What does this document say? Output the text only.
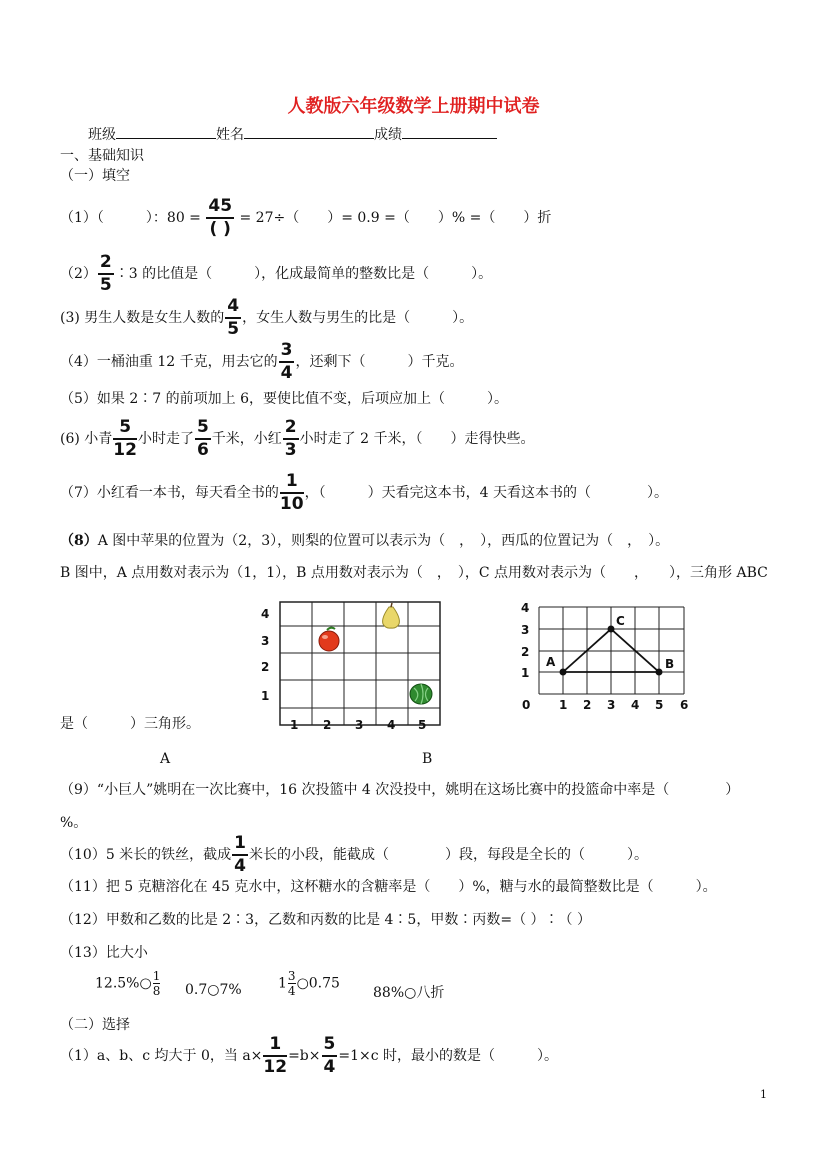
人教版六年级数学上册期中试卷
班级	姓名	成绩
一、基础知识
（一）填空
（1）（　　　）：$80 = \frac{45}{( )} = 27\div$（　　）= 0.9 =（　　）% =（　　）折
$(2) \frac{2}{5}$ ∶3 的比值是（　　　），化成最简单的整数比是（　　　）。
(3) 男生人数是女生人数的 $\frac{4}{5}$ ，女生人数与男生的比是（　　　）。
（4）一桶油重 12 千克，用去它的 $\frac{3}{4}$ ，还剩下（　　　）千克。
（5）如果 2∶7 的前项加上 6，要使比值不变，后项应加上（　　　）。
(6) 小青 $\frac{5}{12}$ 小时走了 $\frac{5}{6}$ 千米，小红 $\frac{2}{3}$ 小时走了 2 千米，（　　）走得快些。
（7）小红看一本书，每天看全书的 $\frac{1}{10}$ ，（　　　）天看完这本书，4 天看这本书的（　　　　）。
（8）A 图中苹果的位置为（2，3），则梨的位置可以表示为（　，　），西瓜的位置记为（　，　）。
B 图中，A 点用数对表示为（1，1），B 点用数对表示为（　，　），C 点用数对表示为（　　，　　），三角形 ABC
4
3
2
1
1 2 3 4 5
A
C
B
4
3
2
1
0 1 2 3 4 5 6
是（　　　）三角形。
A	B
（9）“小巨人”姚明在一次比赛中，16 次投篮中 4 次没投中，姚明在这场比赛中的投篮命中率是（　　　　）
%。
（10）5 米长的铁丝，截成 $\frac{1}{4}$ 米长的小段，能截成（　　　　）段，每段是全长的（　　　）。
（11）把 5 克糖溶化在 45 克水中，这杯糖水的含糖率是（　　）%，糖与水的最简整数比是（　　　）。
（12）甲数和乙数的比是 2∶3，乙数和丙数的比是 4∶5，甲数∶丙数=（ ）∶（ ）
（13）比大小
12.5%○ $\frac{1}{8}$ 0.7○7%	$1 \frac{3}{4}$ ○0.75
88%○八折
（二）选择
（1）a、b、c 均大于 0，当 $a\times \frac{1}{12} =b\times \frac{5}{4} =1\times c$ 时，最小的数是（　　　）。
1
